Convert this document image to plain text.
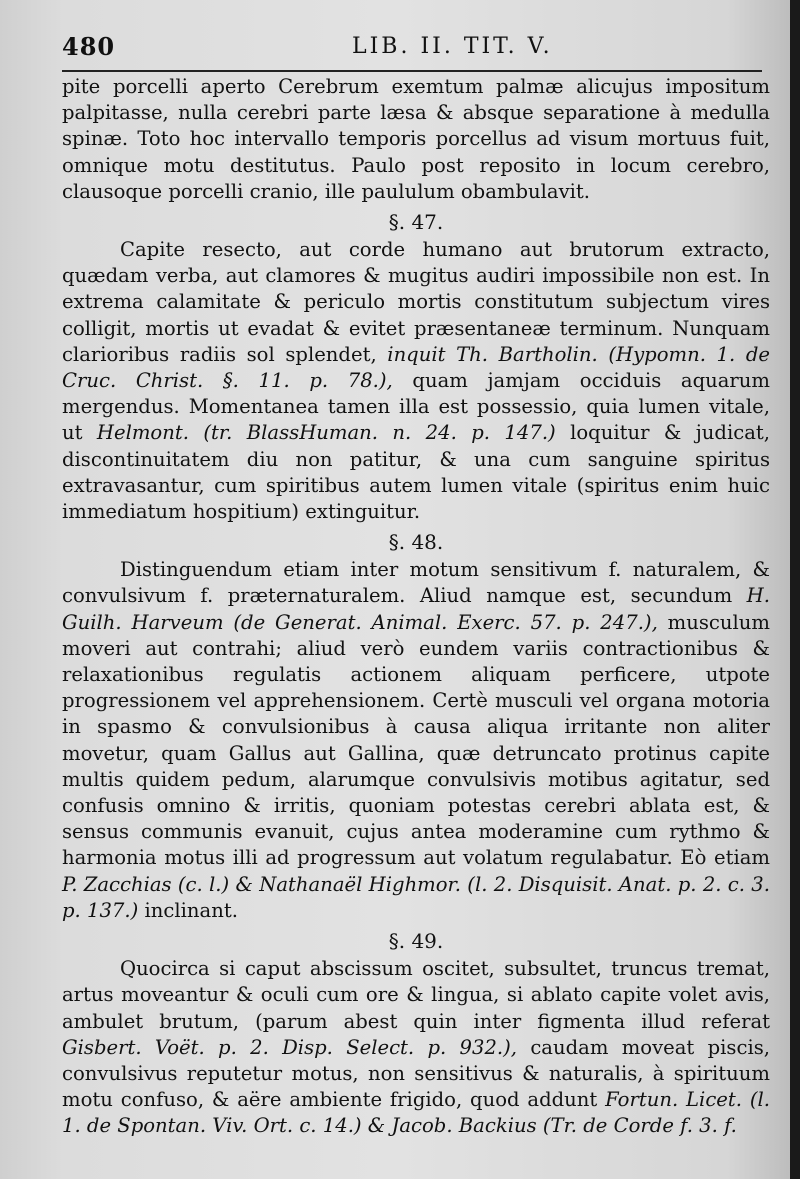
480	LIB. II. TIT. V.

pite porcelli aperto Cerebrum exemtum palmæ alicujus impositum palpitasse, nulla cerebri parte læsa & absque separatione à medulla spinæ. Toto hoc intervallo temporis porcellus ad visum mortuus fuit, omnique motu destitutus. Paulo post reposito in locum cerebro, clausoque porcelli cranio, ille paululum obambulavit.

§. 47.

Capite resecto, aut corde humano aut brutorum extracto, quædam verba, aut clamores & mugitus audiri impossibile non est. In extrema calamitate & periculo mortis constitutum subjectum vires colligit, mortis ut evadat & evitet præsentaneæ terminum. Nunquam clarioribus radiis sol splendet, inquit Th. Bartholin. (Hypomn. 1. de Cruc. Christ. §. 11. p. 78.), quam jamjam occiduis aquarum mergendus. Momentanea tamen illa est possessio, quia lumen vitale, ut Helmont. (tr. BlassHuman. n. 24. p. 147.) loquitur & judicat, discontinuitatem diu non patitur, & una cum sanguine spiritus extravasantur, cum spiritibus autem lumen vitale (spiritus enim huic immediatum hospitium) extinguitur.

§. 48.

Distinguendum etiam inter motum sensitivum f. naturalem, & convulsivum f. præternaturalem. Aliud namque est, secundum H. Guilh. Harveum (de Generat. Animal. Exerc. 57. p. 247.), musculum moveri aut contrahi; aliud verò eundem variis contractionibus & relaxationibus regulatis actionem aliquam perficere, utpote progressionem vel apprehensionem. Certè musculi vel organa motoria in spasmo & convulsionibus à causa aliqua irritante non aliter movetur, quam Gallus aut Gallina, quæ detruncato protinus capite multis quidem pedum, alarumque convulsivis motibus agitatur, sed confusis omnino & irritis, quoniam potestas cerebri ablata est, & sensus communis evanuit, cujus antea moderamine cum rythmo & harmonia motus illi ad progressum aut volatum regulabatur. Eò etiam P. Zacchias (c. l.) & Nathanaël Highmor. (l. 2. Disquisit. Anat. p. 2. c. 3. p. 137.) inclinant.

§. 49.

Quocirca si caput abscissum oscitet, subsultet, truncus tremat, artus moveantur & oculi cum ore & lingua, si ablato capite volet avis, ambulet brutum, (parum abest quin inter figmenta illud referat Gisbert. Voët. p. 2. Disp. Select. p. 932.), caudam moveat piscis, convulsivus reputetur motus, non sensitivus & naturalis, à spirituum motu confuso, & aëre ambiente frigido, quod addunt Fortun. Licet. (l. 1. de Spontan. Viv. Ort. c. 14.) & Jacob. Backius (Tr. de Corde f. 3. f.
